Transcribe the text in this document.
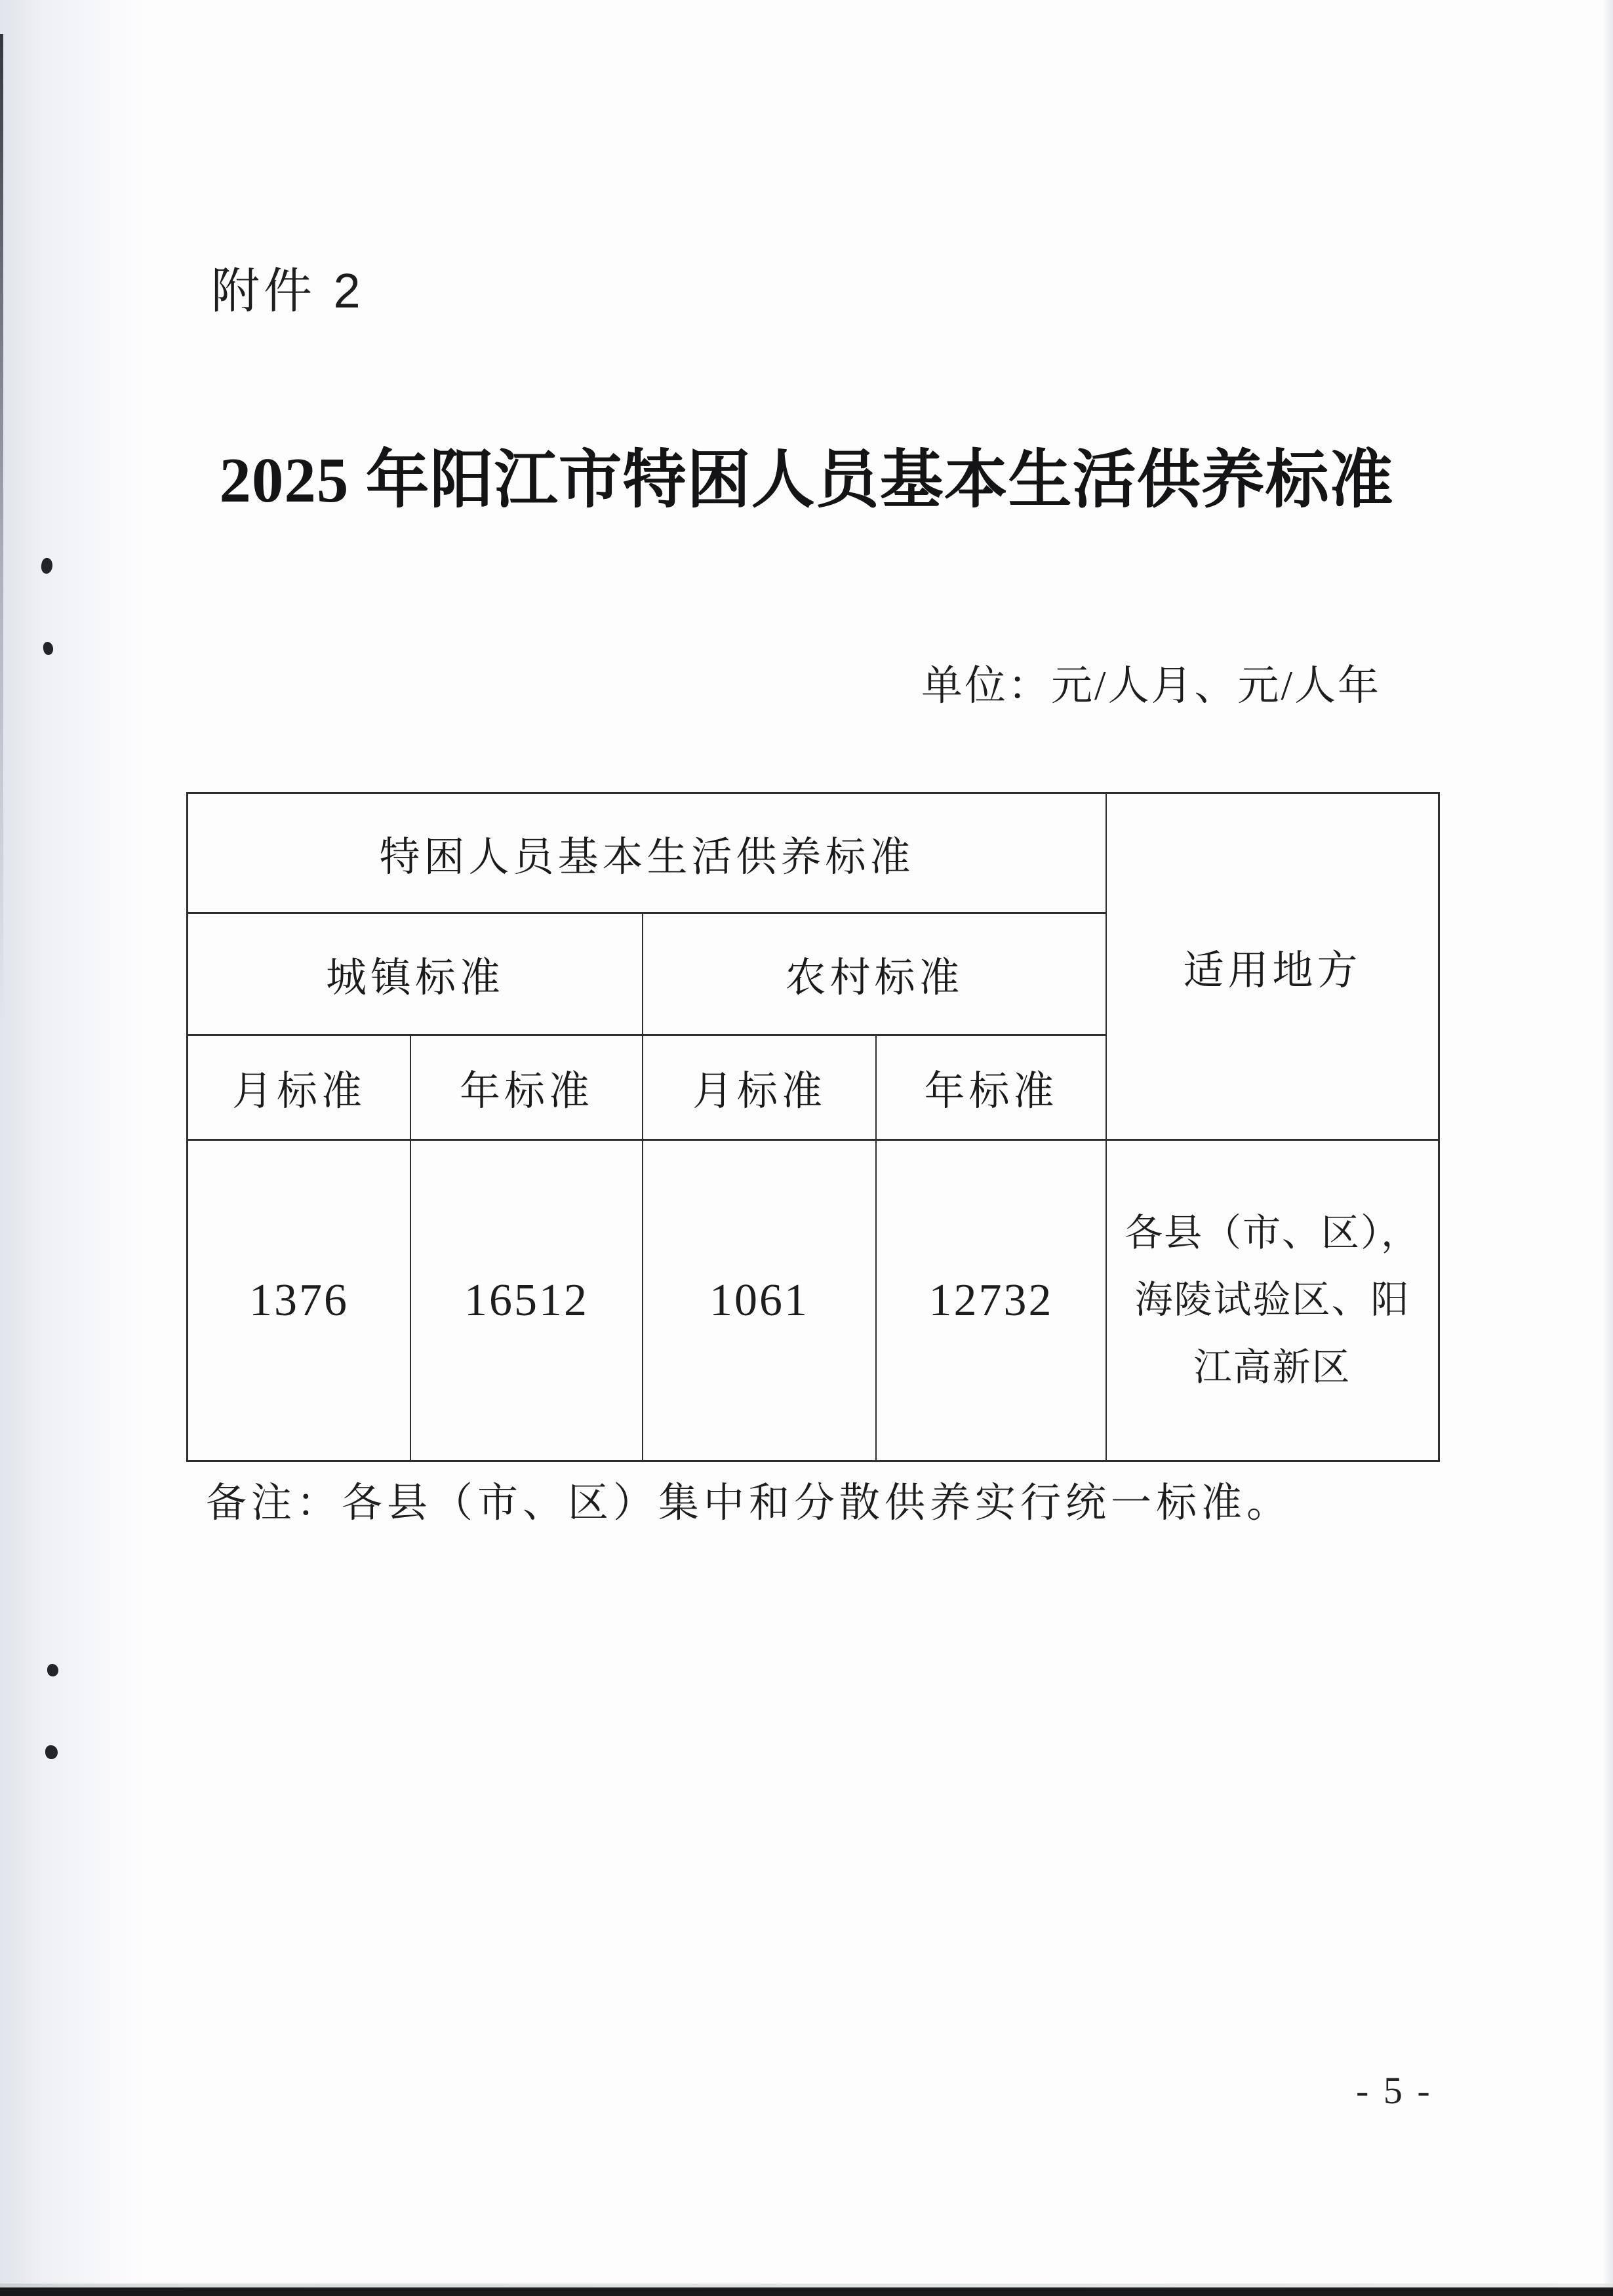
附件 2
2025 年阳江市特困人员基本生活供养标准
单位：元/人月、元/人年
特困人员基本生活供养标准
适用地方
城镇标准	农村标准
月标准	年标准	月标准	年标准
1376	16512	1061	12732
各县（市、区），
海陵试验区、阳
江高新区
备注：各县（市、区）集中和分散供养实行统一标准。
- 5 -
